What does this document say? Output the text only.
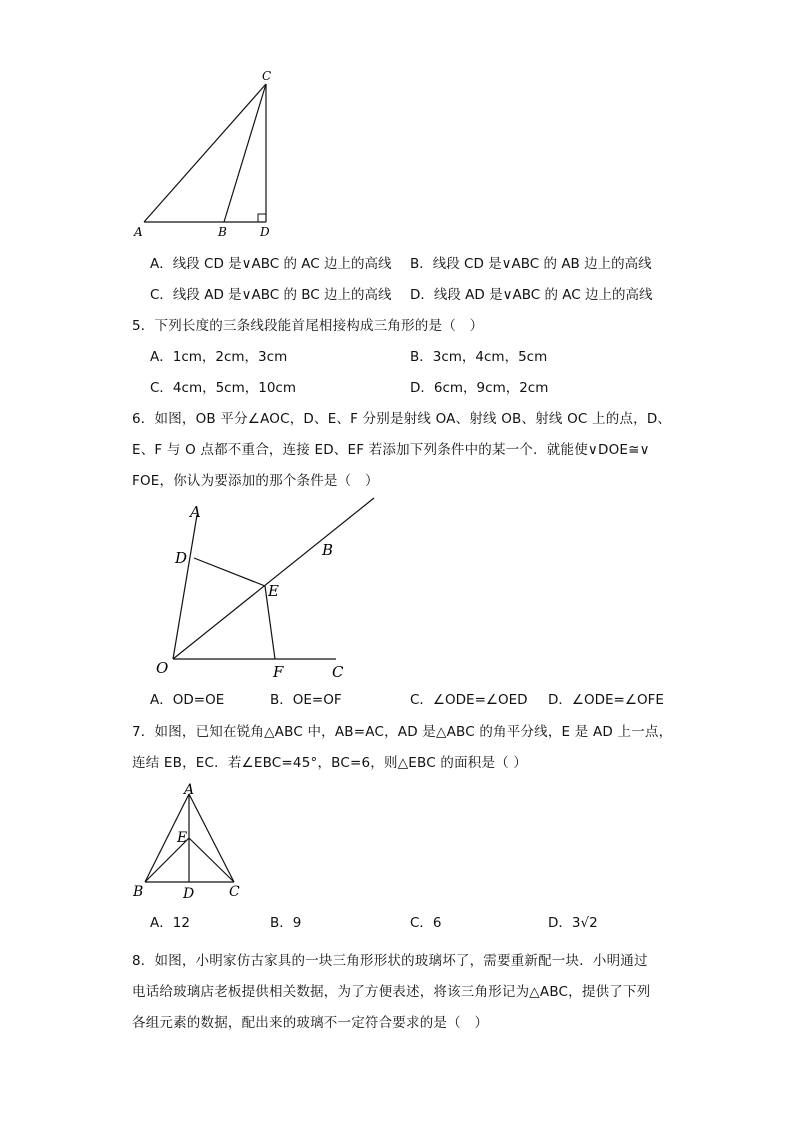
C
A	B	D
A．线段 CD 是∨ABC 的 AC 边上的高线 B．线段 CD 是∨ABC 的 AB 边上的高线
C．线段 AD 是∨ABC 的 BC 边上的高线 D．线段 AD 是∨ABC 的 AC 边上的高线
5．下列长度的三条线段能首尾相接构成三角形的是（　）
A．1cm，2cm，3cm	B．3cm，4cm，5cm
C．4cm，5cm，10cm	D．6cm，9cm，2cm
6．如图，OB 平分∠AOC，D、E、F 分别是射线 OA、射线 OB、射线 OC 上的点，D、
E、F 与 O 点都不重合，连接 ED、EF 若添加下列条件中的某一个．就能使∨DOE≅∨
FOE，你认为要添加的那个条件是（　）
A
B
C
D
E
F
O
A．OD=OE	B．OE=OF	C．∠ODE=∠OED D．∠ODE=∠OFE
7．如图，已知在锐角△ABC 中，AB=AC，AD 是△ABC 的角平分线，E 是 AD 上一点，
连结 EB，EC．若∠EBC=45°，BC=6，则△EBC 的面积是（ ）
A
B	C
D
E
A．12	B．9	C．6	D．3√2
8．如图，小明家仿古家具的一块三角形形状的玻璃坏了，需要重新配一块．小明通过
电话给玻璃店老板提供相关数据，为了方便表述，将该三角形记为△ABC，提供了下列
各组元素的数据，配出来的玻璃不一定符合要求的是（　）
